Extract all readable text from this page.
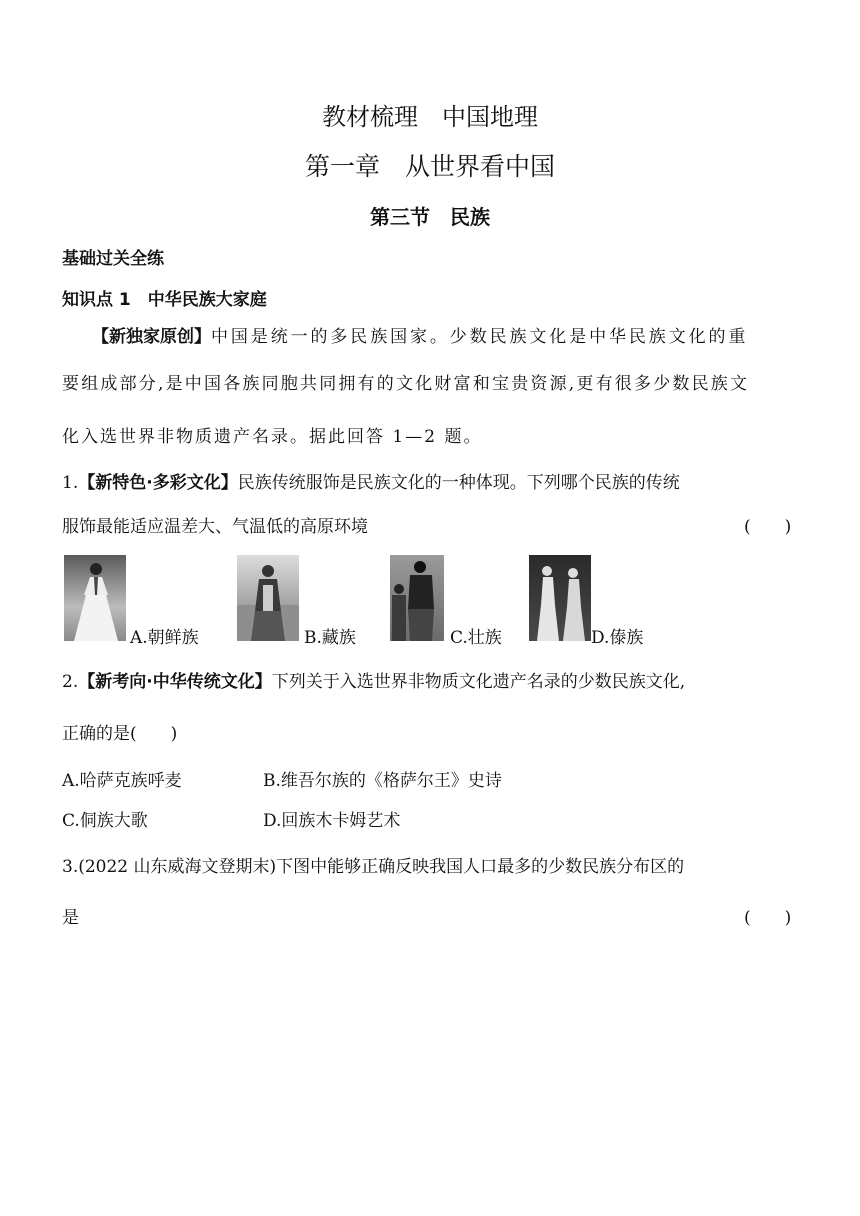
教材梳理　中国地理
第一章　从世界看中国
第三节　民族
基础过关全练
知识点 1　中华民族大家庭
【新独家原创】中国是统一的多民族国家。少数民族文化是中华民族文化的重
要组成部分,是中国各族同胞共同拥有的文化财富和宝贵资源,更有很多少数民族文
化入选世界非物质遗产名录。据此回答 1—2 题。
1.【新特色·多彩文化】民族传统服饰是民族文化的一种体现。下列哪个民族的传统
服饰最能适应温差大、气温低的高原环境	(　　)
A.朝鲜族	B.藏族	C.壮族	D.傣族
2.【新考向·中华传统文化】下列关于入选世界非物质文化遗产名录的少数民族文化,
正确的是(　　)
A.哈萨克族呼麦	B.维吾尔族的《格萨尔王》史诗
C.侗族大歌	D.回族木卡姆艺术
3.(2022 山东威海文登期末)下图中能够正确反映我国人口最多的少数民族分布区的
是	(　　)
